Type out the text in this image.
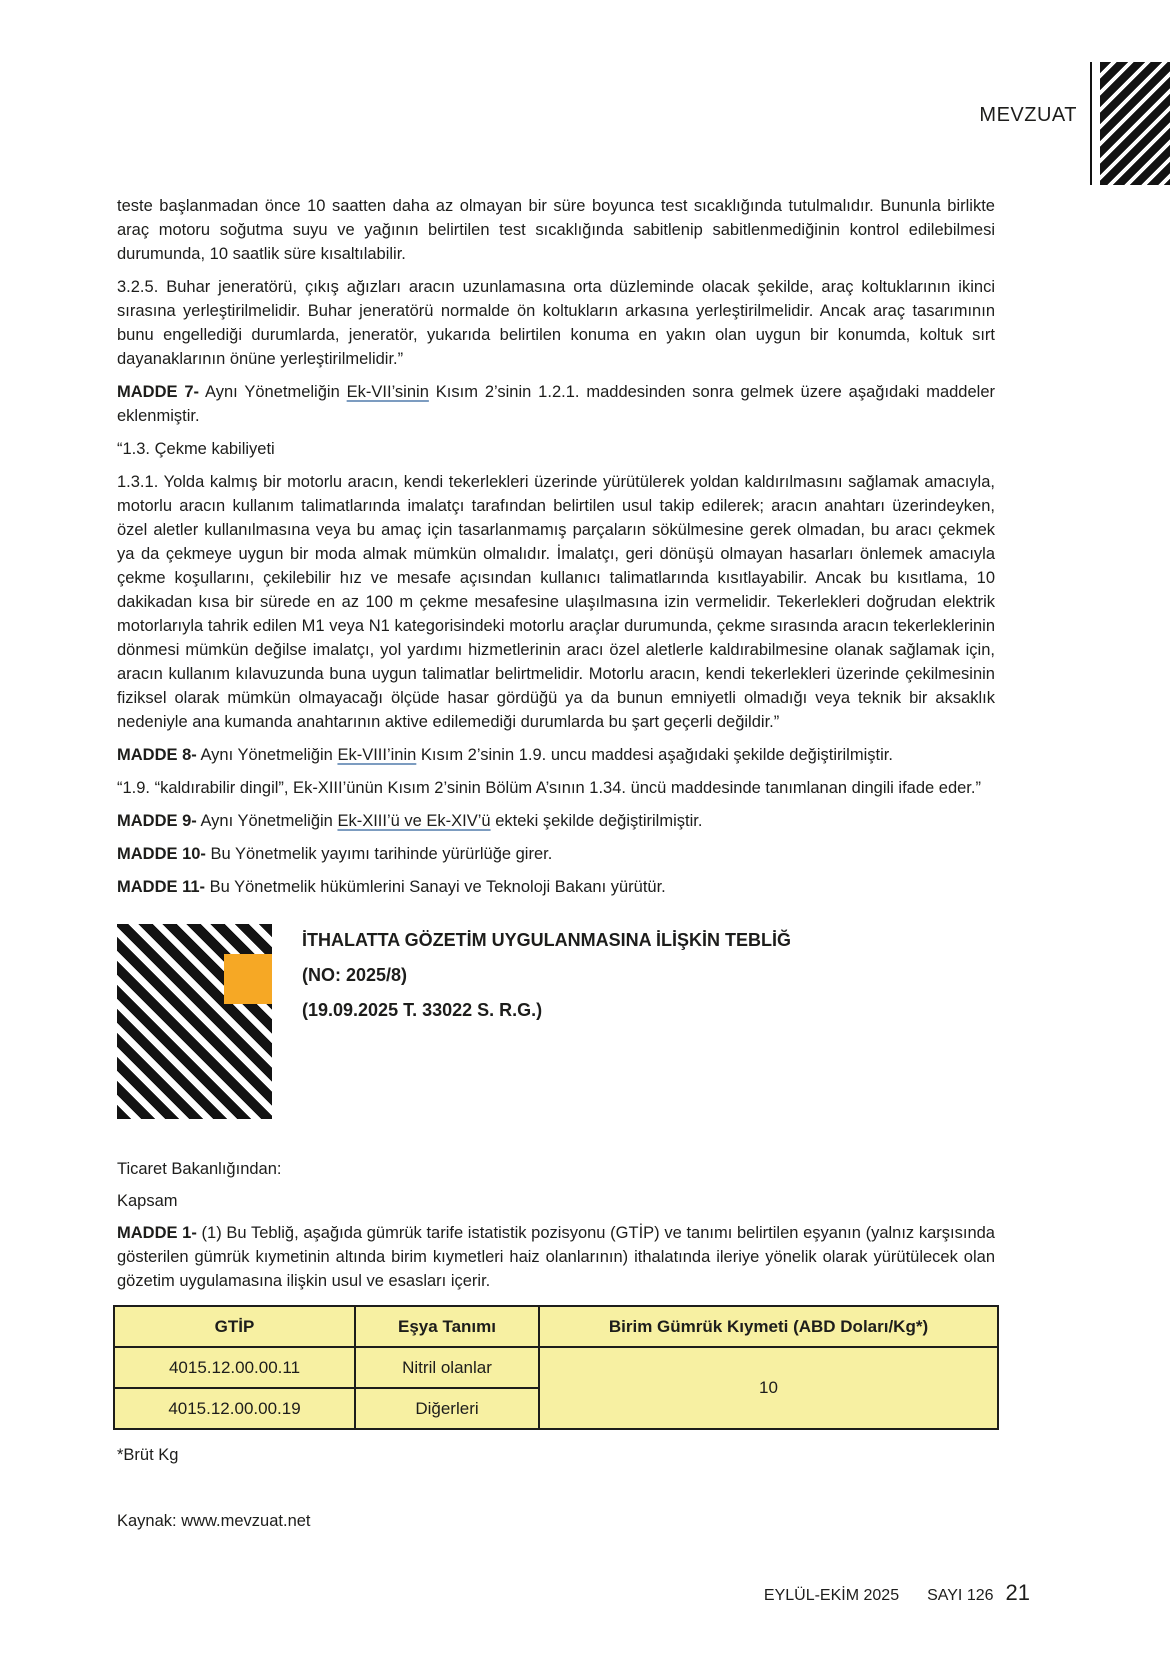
MEVZUAT

teste başlanmadan önce 10 saatten daha az olmayan bir süre boyunca test sıcaklığında tutulmalıdır. Bununla birlikte araç motoru soğutma suyu ve yağının belirtilen test sıcaklığında sabitlenip sabitlenmediğinin kontrol edilebilmesi durumunda, 10 saatlik süre kısaltılabilir.

3.2.5. Buhar jeneratörü, çıkış ağızları aracın uzunlamasına orta düzleminde olacak şekilde, araç koltuklarının ikinci sırasına yerleştirilmelidir. Buhar jeneratörü normalde ön koltukların arkasına yerleştirilmelidir. Ancak araç tasarımının bunu engellediği durumlarda, jeneratör, yukarıda belirtilen konuma en yakın olan uygun bir konumda, koltuk sırt dayanaklarının önüne yerleştirilmelidir.”

MADDE 7- Aynı Yönetmeliğin Ek-VII’sinin Kısım 2’sinin 1.2.1. maddesinden sonra gelmek üzere aşağıdaki maddeler eklenmiştir.

“1.3. Çekme kabiliyeti

1.3.1. Yolda kalmış bir motorlu aracın, kendi tekerlekleri üzerinde yürütülerek yoldan kaldırılmasını sağlamak amacıyla, motorlu aracın kullanım talimatlarında imalatçı tarafından belirtilen usul takip edilerek; aracın anahtarı üzerindeyken, özel aletler kullanılmasına veya bu amaç için tasarlanmamış parçaların sökülmesine gerek olmadan, bu aracı çekmek ya da çekmeye uygun bir moda almak mümkün olmalıdır. İmalatçı, geri dönüşü olmayan hasarları önlemek amacıyla çekme koşullarını, çekilebilir hız ve mesafe açısından kullanıcı talimatlarında kısıtlayabilir. Ancak bu kısıtlama, 10 dakikadan kısa bir sürede en az 100 m çekme mesafesine ulaşılmasına izin vermelidir. Tekerlekleri doğrudan elektrik motorlarıyla tahrik edilen M1 veya N1 kategorisindeki motorlu araçlar durumunda, çekme sırasında aracın tekerleklerinin dönmesi mümkün değilse imalatçı, yol yardımı hizmetlerinin aracı özel aletlerle kaldırabilmesine olanak sağlamak için, aracın kullanım kılavuzunda buna uygun talimatlar belirtmelidir. Motorlu aracın, kendi tekerlekleri üzerinde çekilmesinin fiziksel olarak mümkün olmayacağı ölçüde hasar gördüğü ya da bunun emniyetli olmadığı veya teknik bir aksaklık nedeniyle ana kumanda anahtarının aktive edilemediği durumlarda bu şart geçerli değildir.”

MADDE 8- Aynı Yönetmeliğin Ek-VIII’inin Kısım 2’sinin 1.9. uncu maddesi aşağıdaki şekilde değiştirilmiştir.

“1.9. “kaldırabilir dingil”, Ek-XIII’ünün Kısım 2’sinin Bölüm A’sının 1.34. üncü maddesinde tanımlanan dingili ifade eder.”

MADDE 9- Aynı Yönetmeliğin Ek-XIII’ü ve Ek-XIV’ü ekteki şekilde değiştirilmiştir.

MADDE 10- Bu Yönetmelik yayımı tarihinde yürürlüğe girer.

MADDE 11- Bu Yönetmelik hükümlerini Sanayi ve Teknoloji Bakanı yürütür.

İTHALATTA GÖZETİM UYGULANMASINA İLİŞKİN TEBLİĞ
(NO: 2025/8)
(19.09.2025 T. 33022 S. R.G.)

Ticaret Bakanlığından:

Kapsam

MADDE 1- (1) Bu Tebliğ, aşağıda gümrük tarife istatistik pozisyonu (GTİP) ve tanımı belirtilen eşyanın (yalnız karşısında gösterilen gümrük kıymetinin altında birim kıymetleri haiz olanlarının) ithalatında ileriye yönelik olarak yürütülecek olan gözetim uygulamasına ilişkin usul ve esasları içerir.

GTİP	Eşya Tanımı	Birim Gümrük Kıymeti (ABD Doları/Kg*)
4015.12.00.00.11	Nitril olanlar	10
4015.12.00.00.19	Diğerleri	

*Brüt Kg

Kaynak: www.mevzuat.net

EYLÜL-EKİM 2025 SAYI 126 21
